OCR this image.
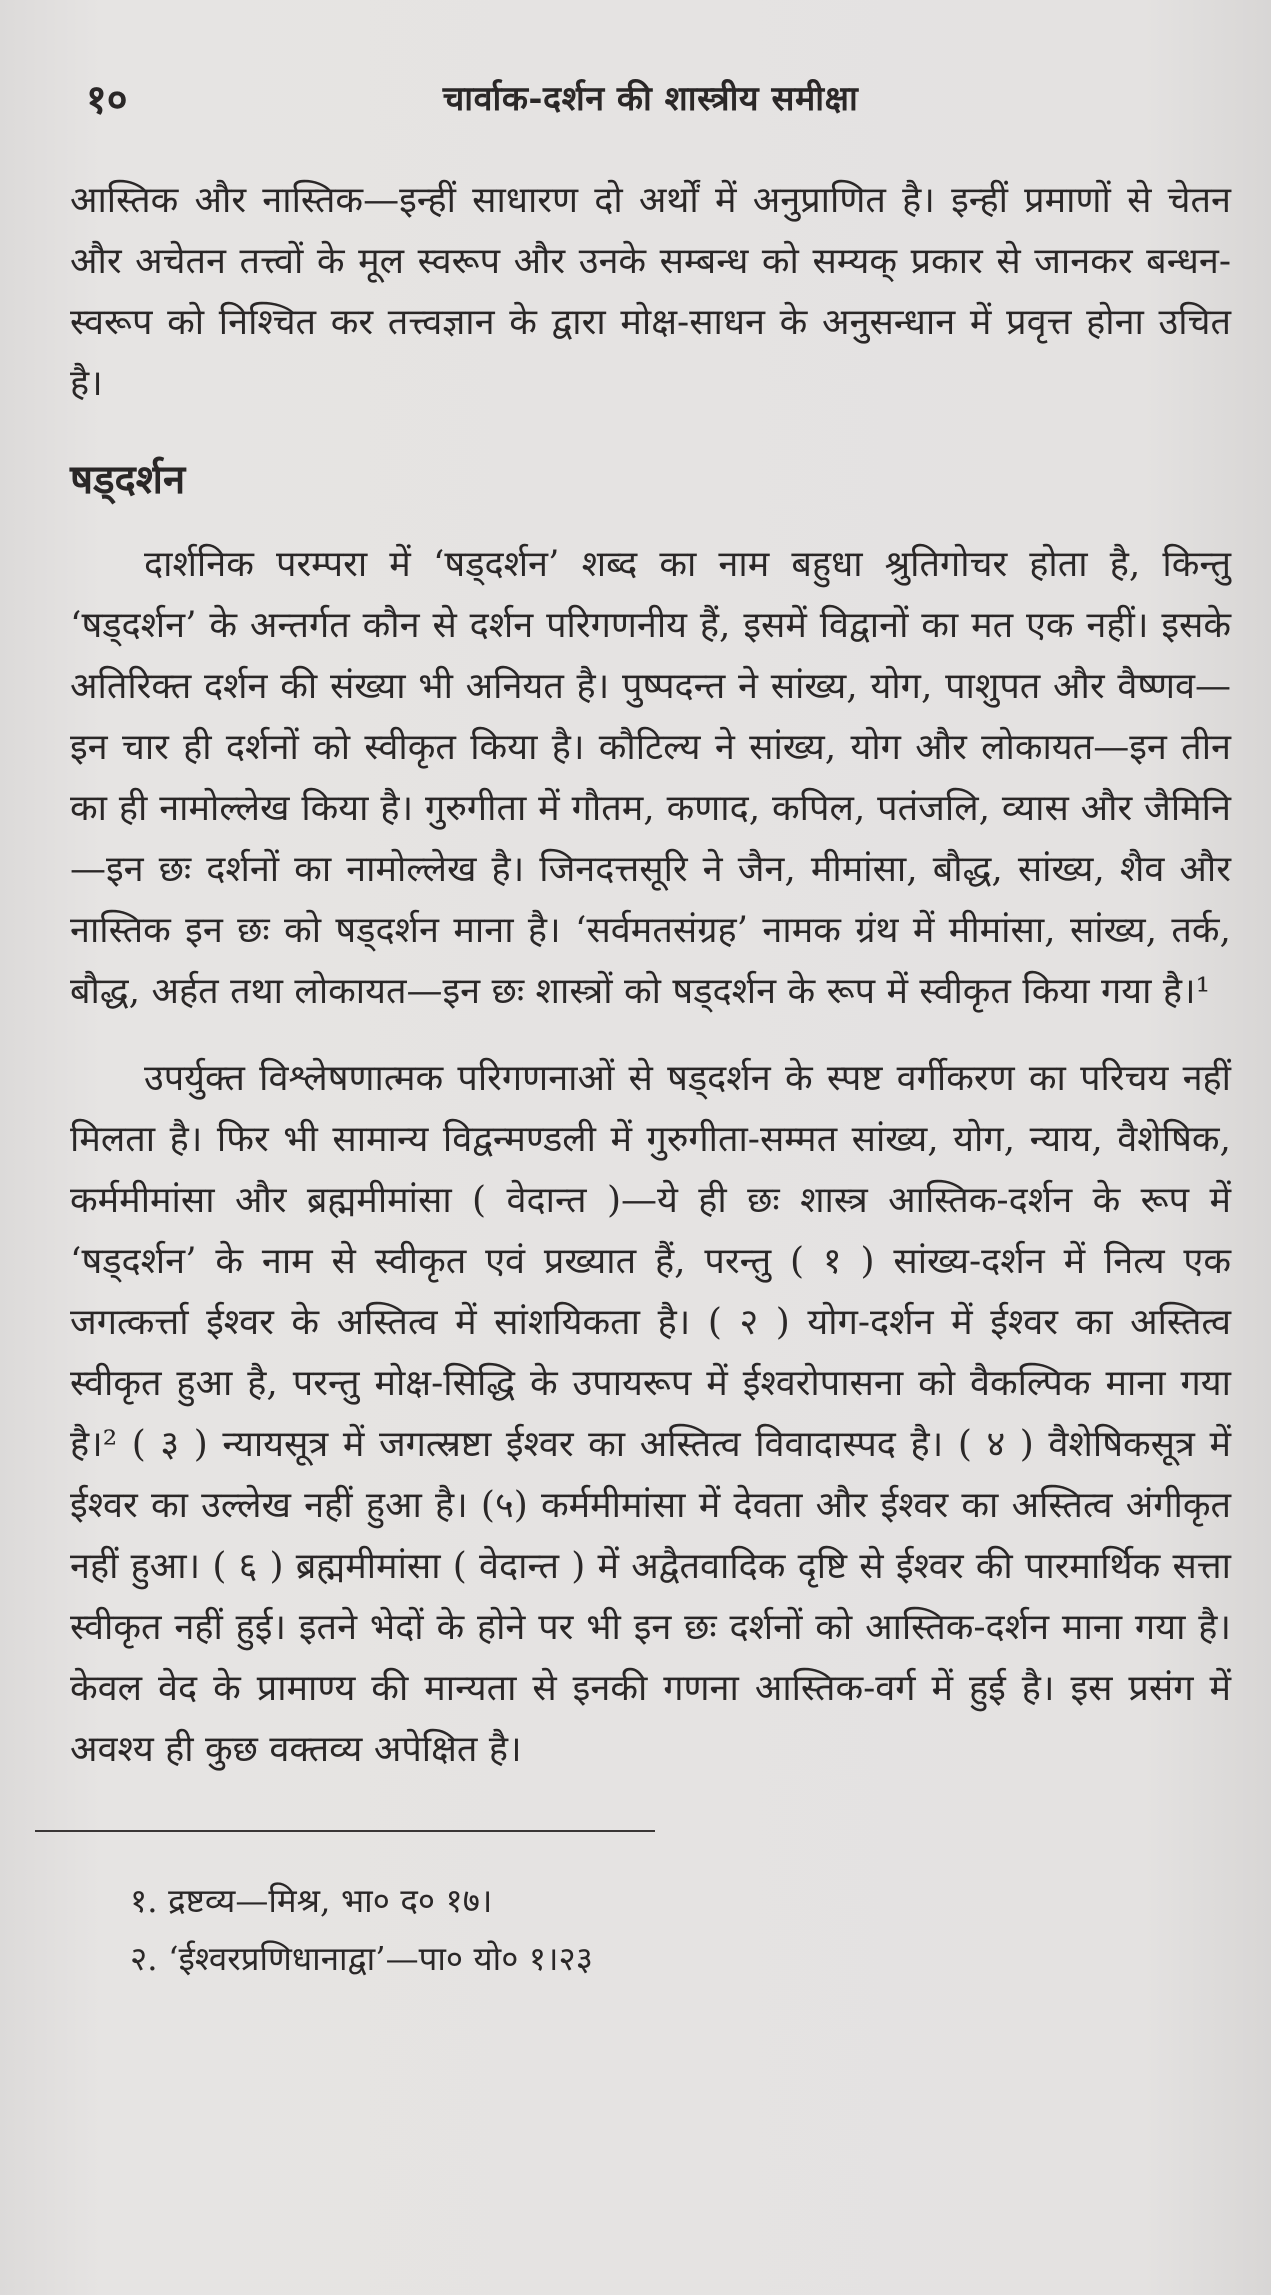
१०	चार्वाक-दर्शन की शास्त्रीय समीक्षा

आस्तिक और नास्तिक—इन्हीं साधारण दो अर्थों में अनुप्राणित है। इन्हीं प्रमाणों से चेतन और अचेतन तत्त्वों के मूल स्वरूप और उनके सम्बन्ध को सम्यक् प्रकार से जानकर बन्धन-स्वरूप को निश्चित कर तत्त्वज्ञान के द्वारा मोक्ष-साधन के अनुसन्धान में प्रवृत्त होना उचित है।

षड्दर्शन

दार्शनिक परम्परा में ‘षड्दर्शन’ शब्द का नाम बहुधा श्रुतिगोचर होता है, किन्तु ‘षड्दर्शन’ के अन्तर्गत कौन से दर्शन परिगणनीय हैं, इसमें विद्वानों का मत एक नहीं। इसके अतिरिक्त दर्शन की संख्या भी अनियत है। पुष्पदन्त ने सांख्य, योग, पाशुपत और वैष्णव—इन चार ही दर्शनों को स्वीकृत किया है। कौटिल्य ने सांख्य, योग और लोकायत—इन तीन का ही नामोल्लेख किया है। गुरुगीता में गौतम, कणाद, कपिल, पतंजलि, व्यास और जैमिनि—इन छः दर्शनों का नामोल्लेख है। जिनदत्तसूरि ने जैन, मीमांसा, बौद्ध, सांख्य, शैव और नास्तिक इन छः को षड्दर्शन माना है। ‘सर्वमतसंग्रह’ नामक ग्रंथ में मीमांसा, सांख्य, तर्क, बौद्ध, अर्हत तथा लोकायत—इन छः शास्त्रों को षड्दर्शन के रूप में स्वीकृत किया गया है।¹

उपर्युक्त विश्लेषणात्मक परिगणनाओं से षड्दर्शन के स्पष्ट वर्गीकरण का परिचय नहीं मिलता है। फिर भी सामान्य विद्वन्मण्डली में गुरुगीता-सम्मत सांख्य, योग, न्याय, वैशेषिक, कर्ममीमांसा और ब्रह्ममीमांसा ( वेदान्त )—ये ही छः शास्त्र आस्तिक-दर्शन के रूप में ‘षड्दर्शन’ के नाम से स्वीकृत एवं प्रख्यात हैं, परन्तु ( १ ) सांख्य-दर्शन में नित्य एक जगत्कर्त्ता ईश्वर के अस्तित्व में सांशयिकता है। ( २ ) योग-दर्शन में ईश्वर का अस्तित्व स्वीकृत हुआ है, परन्तु मोक्ष-सिद्धि के उपायरूप में ईश्वरोपासना को वैकल्पिक माना गया है।² ( ३ ) न्यायसूत्र में जगत्स्रष्टा ईश्वर का अस्तित्व विवादास्पद है। ( ४ ) वैशेषिकसूत्र में ईश्वर का उल्लेख नहीं हुआ है। (५) कर्ममीमांसा में देवता और ईश्वर का अस्तित्व अंगीकृत नहीं हुआ। ( ६ ) ब्रह्ममीमांसा ( वेदान्त ) में अद्वैतवादिक दृष्टि से ईश्वर की पारमार्थिक सत्ता स्वीकृत नहीं हुई। इतने भेदों के होने पर भी इन छः दर्शनों को आस्तिक-दर्शन माना गया है। केवल वेद के प्रामाण्य की मान्यता से इनकी गणना आस्तिक-वर्ग में हुई है। इस प्रसंग में अवश्य ही कुछ वक्तव्य अपेक्षित है।

१. द्रष्टव्य—मिश्र, भा० द० १७।

२. ‘ईश्वरप्रणिधानाद्वा’—पा० यो० १।२३
